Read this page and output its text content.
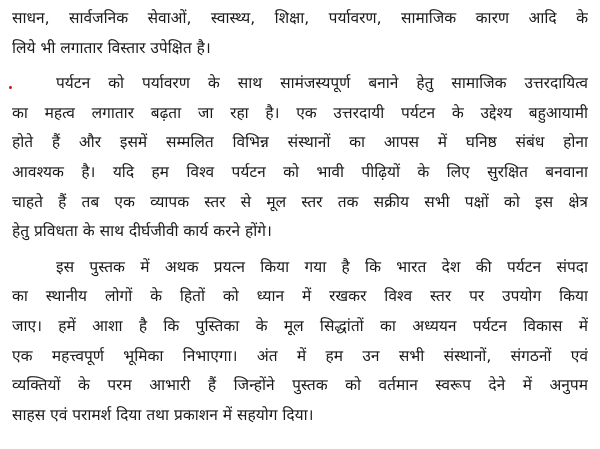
साधन, सार्वजनिक सेवाओं, स्वास्थ्य, शिक्षा, पर्यावरण, सामाजिक कारण आदि के
लिये भी लगातार विस्तार उपेक्षित है।
पर्यटन को पर्यावरण के साथ सामंजस्यपूर्ण बनाने हेतु सामाजिक उत्तरदायित्व
का महत्व लगातार बढ़ता जा रहा है। एक उत्तरदायी पर्यटन के उद्देश्य बहुआयामी
होते हैं और इसमें सम्मलित विभिन्न संस्थानों का आपस में घनिष्ठ संबंध होना
आवश्यक है। यदि हम विश्व पर्यटन को भावी पीढ़ियों के लिए सुरक्षित बनवाना
चाहते हैं तब एक व्यापक स्तर से मूल स्तर तक सक्रीय सभी पक्षों को इस क्षेत्र
हेतु प्रविधता के साथ दीर्घजीवी कार्य करने होंगे।
इस पुस्तक में अथक प्रयत्न किया गया है कि भारत देश की पर्यटन संपदा
का स्थानीय लोगों के हितों को ध्यान में रखकर विश्व स्तर पर उपयोग किया
जाए। हमें आशा है कि पुस्तिका के मूल सिद्धांतों का अध्ययन पर्यटन विकास में
एक महत्त्वपूर्ण भूमिका निभाएगा। अंत में हम उन सभी संस्थानों, संगठनों एवं
व्यक्तियों के परम आभारी हैं जिन्होंने पुस्तक को वर्तमान स्वरूप देने में अनुपम
साहस एवं परामर्श दिया तथा प्रकाशन में सहयोग दिया।
